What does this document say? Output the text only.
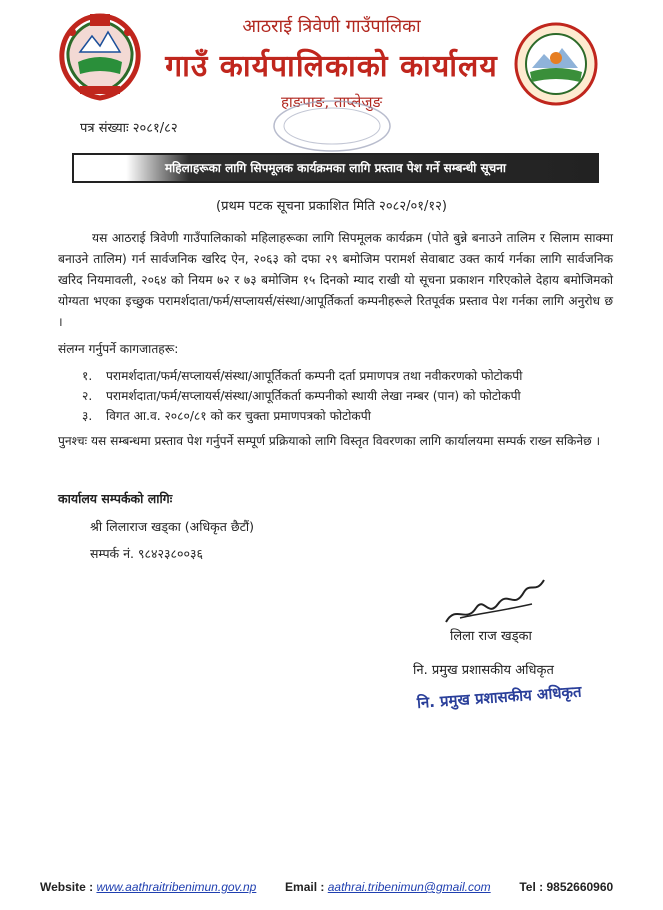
आठराई त्रिवेणी गाउँपालिका
गाउँ कार्यपालिकाको कार्यालय
हाङपाङ, ताप्लेजुङ
पत्र संख्याः २०८१/८२
महिलाहरूका लागि सिपमूलक कार्यक्रमका लागि प्रस्ताव पेश गर्ने सम्बन्धी सूचना
(प्रथम पटक सूचना प्रकाशित मिति २०८२/०१/१२)
यस आठराई त्रिवेणी गाउँपालिकाको महिलाहरूका लागि सिपमूलक कार्यक्रम (पोते बुन्ने बनाउने तालिम र सिलाम साक्मा बनाउने तालिम) गर्न सार्वजनिक खरिद ऐन, २०६३ को दफा २९ बमोजिम परामर्श सेवाबाट उक्त कार्य गर्नका लागि सार्वजनिक खरिद नियमावली, २०६४ को नियम ७२ र ७३ बमोजिम १५ दिनको म्याद राखी यो सूचना प्रकाशन गरिएकोले देहाय बमोजिमको योग्यता भएका इच्छुक परामर्शदाता/फर्म/सप्लायर्स/संस्था/आपूर्तिकर्ता कम्पनीहरूले रितपूर्वक प्रस्ताव पेश गर्नका लागि अनुरोध छ ।
संलग्न गर्नुपर्ने कागजातहरू:
१.	परामर्शदाता/फर्म/सप्लायर्स/संस्था/आपूर्तिकर्ता कम्पनी दर्ता प्रमाणपत्र तथा नवीकरणको फोटोकपी
२.	परामर्शदाता/फर्म/सप्लायर्स/संस्था/आपूर्तिकर्ता कम्पनीको स्थायी लेखा नम्बर (पान) को फोटोकपी
३.	विगत आ.व. २०८०/८१ को कर चुक्ता प्रमाणपत्रको फोटोकपी
पुनश्चः यस सम्बन्धमा प्रस्ताव पेश गर्नुपर्ने सम्पूर्ण प्रक्रियाको लागि विस्तृत विवरणका लागि कार्यालयमा सम्पर्क राख्न सकिनेछ ।
कार्यालय सम्पर्कको लागिः
श्री लिलाराज खड्का (अधिकृत छैटौं)
सम्पर्क नं. ९८४२३८००३६
लिला राज खड्का
नि. प्रमुख प्रशासकीय अधिकृत
नि. प्रमुख प्रशासकीय अधिकृत
Website : www.aathraitribenimun.gov.np Email : aathrai.tribenimun@gmail.com Tel : 9852660960
